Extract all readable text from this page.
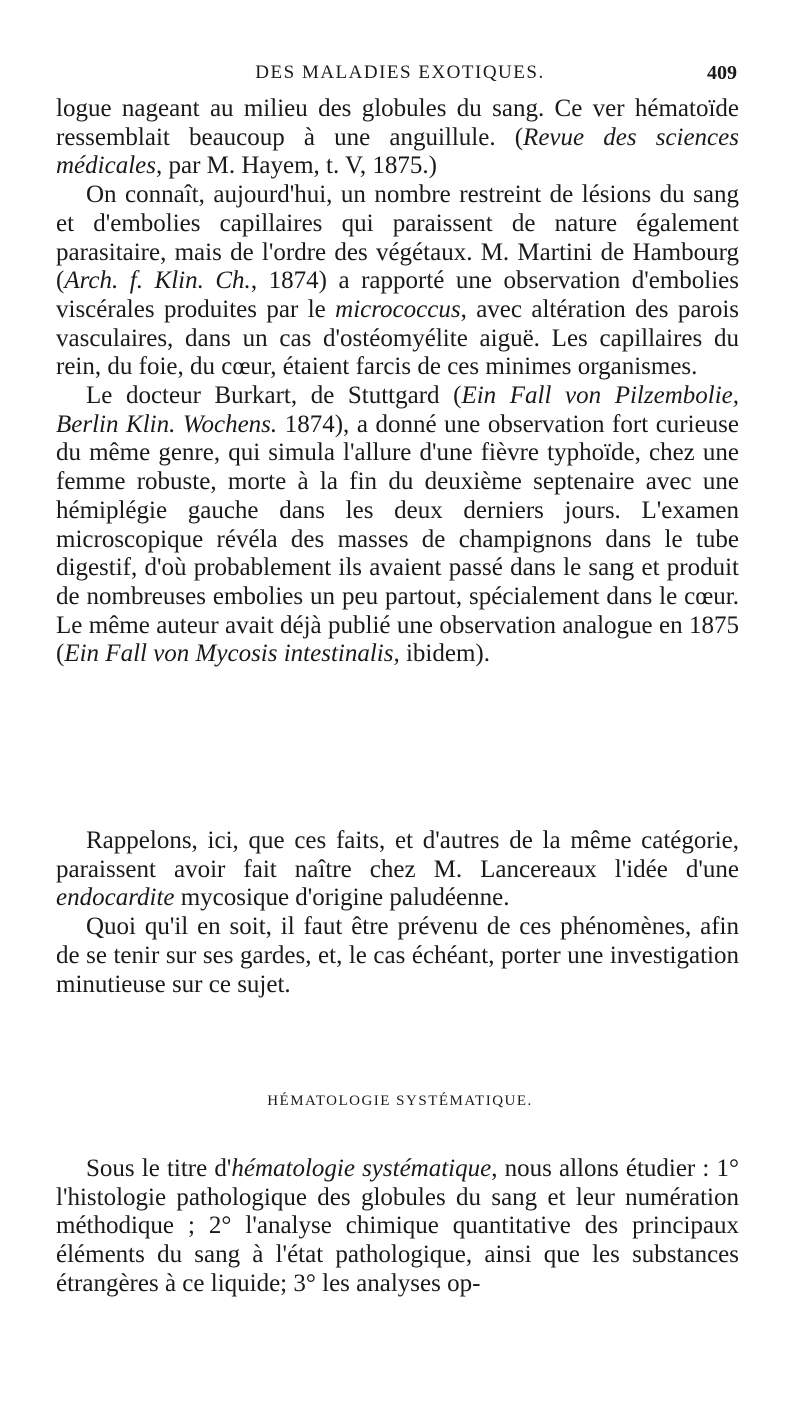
DES MALADIES EXOTIQUES.	409

logue nageant au milieu des globules du sang. Ce ver hématoïde ressemblait beaucoup à une anguillule. (Revue des sciences médicales, par M. Hayem, t. V, 1875.)

On connaît, aujourd'hui, un nombre restreint de lésions du sang et d'embolies capillaires qui paraissent de nature également parasitaire, mais de l'ordre des végétaux. M. Martini de Hambourg (Arch. f. Klin. Ch., 1874) a rapporté une observation d'embolies viscérales produites par le micrococcus, avec altération des parois vasculaires, dans un cas d'ostéomyélite aiguë. Les capillaires du rein, du foie, du cœur, étaient farcis de ces minimes organismes.

Le docteur Burkart, de Stuttgard (Ein Fall von Pilzembolie, Berlin Klin. Wochens. 1874), a donné une observation fort curieuse du même genre, qui simula l'allure d'une fièvre typhoïde, chez une femme robuste, morte à la fin du deuxième septenaire avec une hémiplégie gauche dans les deux derniers jours. L'examen microscopique révéla des masses de champignons dans le tube digestif, d'où probablement ils avaient passé dans le sang et produit de nombreuses embolies un peu partout, spécialement dans le cœur. Le même auteur avait déjà publié une observation analogue en 1875 (Ein Fall von Mycosis intestinalis, ibidem).

Rappelons, ici, que ces faits, et d'autres de la même catégorie, paraissent avoir fait naître chez M. Lancereaux l'idée d'une endocardite mycosique d'origine paludéenne.

Quoi qu'il en soit, il faut être prévenu de ces phénomènes, afin de se tenir sur ses gardes, et, le cas échéant, porter une investigation minutieuse sur ce sujet.

HÉMATOLOGIE SYSTÉMATIQUE.

Sous le titre d'hématologie systématique, nous allons étudier : 1° l'histologie pathologique des globules du sang et leur numération méthodique ; 2° l'analyse chimique quantitative des principaux éléments du sang à l'état pathologique, ainsi que les substances étrangères à ce liquide; 3° les analyses op-
